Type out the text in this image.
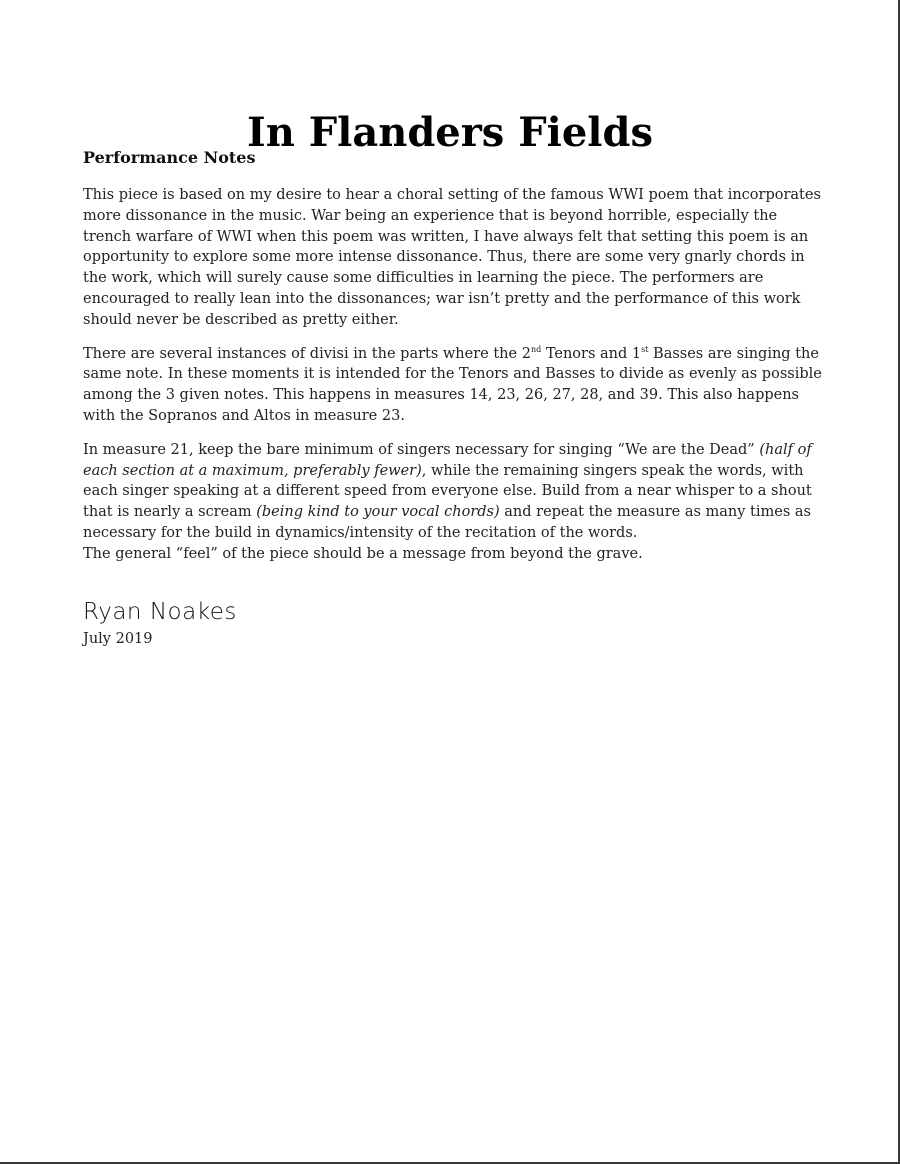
In Flanders Fields
Performance Notes

This piece is based on my desire to hear a choral setting of the famous WWI poem that incorporates more dissonance in the music. War being an experience that is beyond horrible, especially the trench warfare of WWI when this poem was written, I have always felt that setting this poem is an opportunity to explore some more intense dissonance. Thus, there are some very gnarly chords in the work, which will surely cause some difficulties in learning the piece. The performers are encouraged to really lean into the dissonances; war isn’t pretty and the performance of this work should never be described as pretty either.

There are several instances of divisi in the parts where the 2nd Tenors and 1st Basses are singing the same note. In these moments it is intended for the Tenors and Basses to divide as evenly as possible among the 3 given notes. This happens in measures 14, 23, 26, 27, 28, and 39. This also happens with the Sopranos and Altos in measure 23.

In measure 21, keep the bare minimum of singers necessary for singing “We are the Dead” (half of each section at a maximum, preferably fewer), while the remaining singers speak the words, with each singer speaking at a different speed from everyone else. Build from a near whisper to a shout that is nearly a scream (being kind to your vocal chords) and repeat the measure as many times as necessary for the build in dynamics/intensity of the recitation of the words.

The general “feel” of the piece should be a message from beyond the grave.

Ryan Noakes
July 2019
